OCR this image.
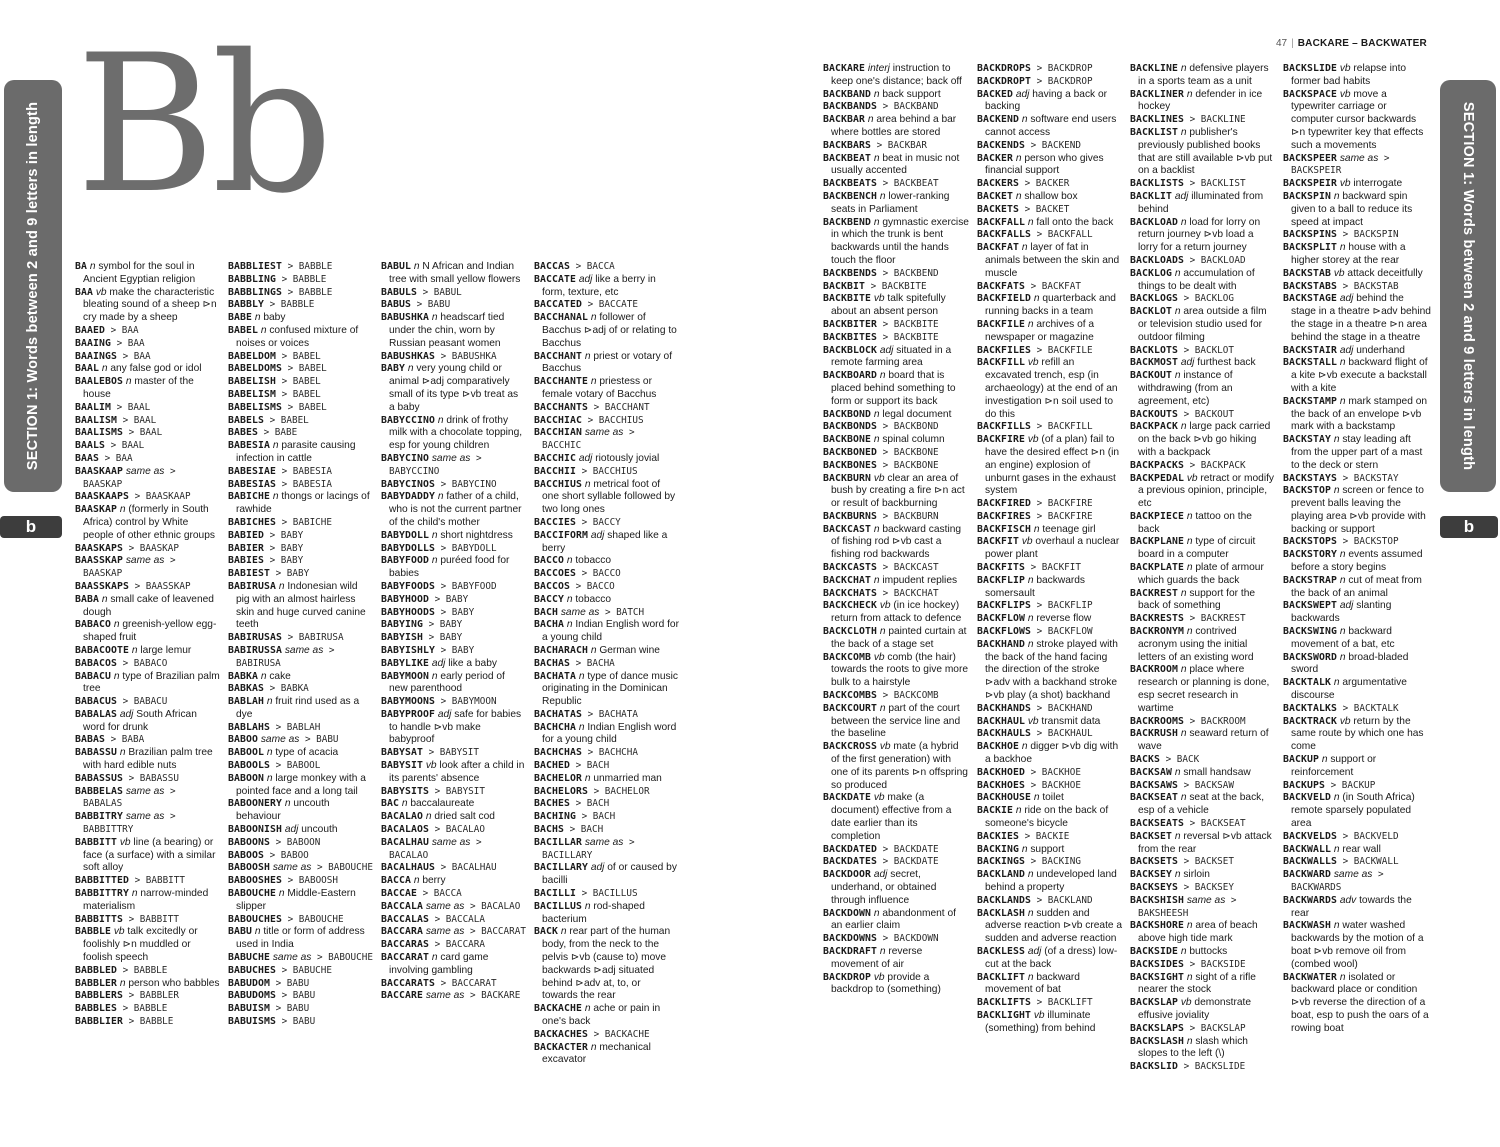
SECTION 1: Words between 2 and 9 letters in length
b
SECTION 1: Words between 2 and 9 letters in length
b
Bb	47 | BACKARE – BACKWATER

BA n symbol for the soul in Ancient Egyptian religion

BAA vb make the characteristic bleating sound of a sheep ⊳n cry made by a sheep

BAAED > BAA

BAAING > BAA

BAAINGS > BAA

BAAL n any false god or idol

BAALEBOS n master of the house

BAALIM > BAAL

BAALISM > BAAL

BAALISMS > BAAL

BAALS > BAAL

BAAS > BAA

BAASKAAP same as > BAASKAP

BAASKAAPS > BAASKAAP

BAASKAP n (formerly in South Africa) control by White people of other ethnic groups

BAASKAPS > BAASKAP

BAASSKAP same as > BAASKAP

BAASSKAPS > BAASSKAP

BABA n small cake of leavened dough

BABACO n greenish-yellow egg-shaped fruit

BABACOOTE n large lemur

BABACOS > BABACO

BABACU n type of Brazilian palm tree

BABACUS > BABACU

BABALAS adj South African word for drunk

BABAS > BABA

BABASSU n Brazilian palm tree with hard edible nuts

BABASSUS > BABASSU

BABBELAS same as > BABALAS

BABBITRY same as > BABBITTRY

BABBITT vb line (a bearing) or face (a surface) with a similar soft alloy

BABBITTED > BABBITT

BABBITTRY n narrow-minded materialism

BABBITTS > BABBITT

BABBLE vb talk excitedly or foolishly ⊳n muddled or foolish speech

BABBLED > BABBLE

BABBLER n person who babbles

BABBLERS > BABBLER

BABBLES > BABBLE

BABBLIER > BABBLE

BABBLIEST > BABBLE

BABBLING > BABBLE

BABBLINGS > BABBLE

BABBLY > BABBLE

BABE n baby

BABEL n confused mixture of noises or voices

BABELDOM > BABEL

BABELDOMS > BABEL

BABELISH > BABEL

BABELISM > BABEL

BABELISMS > BABEL

BABELS > BABEL

BABES > BABE

BABESIA n parasite causing infection in cattle

BABESIAE > BABESIA

BABESIAS > BABESIA

BABICHE n thongs or lacings of rawhide

BABICHES > BABICHE

BABIED > BABY

BABIER > BABY

BABIES > BABY

BABIEST > BABY

BABIRUSA n Indonesian wild pig with an almost hairless skin and huge curved canine teeth

BABIRUSAS > BABIRUSA

BABIRUSSA same as > BABIRUSA

BABKA n cake

BABKAS > BABKA

BABLAH n fruit rind used as a dye

BABLAHS > BABLAH

BABOO same as > BABU

BABOOL n type of acacia

BABOOLS > BABOOL

BABOON n large monkey with a pointed face and a long tail

BABOONERY n uncouth behaviour

BABOONISH adj uncouth

BABOONS > BABOON

BABOOS > BABOO

BABOOSH same as > BABOUCHE

BABOOSHES > BABOOSH

BABOUCHE n Middle-Eastern slipper

BABOUCHES > BABOUCHE

BABU n title or form of address used in India

BABUCHE same as > BABOUCHE

BABUCHES > BABUCHE

BABUDOM > BABU

BABUDOMS > BABU

BABUISM > BABU

BABUISMS > BABU

BABUL n N African and Indian tree with small yellow flowers

BABULS > BABUL

BABUS > BABU

BABUSHKA n headscarf tied under the chin, worn by Russian peasant women

BABUSHKAS > BABUSHKA

BABY n very young child or animal ⊳adj comparatively small of its type ⊳vb treat as a baby

BABYCCINO n drink of frothy milk with a chocolate topping, esp for young children

BABYCINO same as > BABYCCINO

BABYCINOS > BABYCINO

BABYDADDY n father of a child, who is not the current partner of the child's mother

BABYDOLL n short nightdress

BABYDOLLS > BABYDOLL

BABYFOOD n puréed food for babies

BABYFOODS > BABYFOOD

BABYHOOD > BABY

BABYHOODS > BABY

BABYING > BABY

BABYISH > BABY

BABYISHLY > BABY

BABYLIKE adj like a baby

BABYMOON n early period of new parenthood

BABYMOONS > BABYMOON

BABYPROOF adj safe for babies to handle ⊳vb make babyproof

BABYSAT > BABYSIT

BABYSIT vb look after a child in its parents' absence

BABYSITS > BABYSIT

BAC n baccalaureate

BACALAO n dried salt cod

BACALAOS > BACALAO

BACALHAU same as > BACALAO

BACALHAUS > BACALHAU

BACCA n berry

BACCAE > BACCA

BACCALA same as > BACALAO

BACCALAS > BACCALA

BACCARA same as > BACCARAT

BACCARAS > BACCARA

BACCARAT n card game involving gambling

BACCARATS > BACCARAT

BACCARE same as > BACKARE

BACCAS > BACCA

BACCATE adj like a berry in form, texture, etc

BACCATED > BACCATE

BACCHANAL n follower of Bacchus ⊳adj of or relating to Bacchus

BACCHANT n priest or votary of Bacchus

BACCHANTE n priestess or female votary of Bacchus

BACCHANTS > BACCHANT

BACCHIAC > BACCHIUS

BACCHIAN same as > BACCHIC

BACCHIC adj riotously jovial

BACCHII > BACCHIUS

BACCHIUS n metrical foot of one short syllable followed by two long ones

BACCIES > BACCY

BACCIFORM adj shaped like a berry

BACCO n tobacco

BACCOES > BACCO

BACCOS > BACCO

BACCY n tobacco

BACH same as > BATCH

BACHA n Indian English word for a young child

BACHARACH n German wine

BACHAS > BACHA

BACHATA n type of dance music originating in the Dominican Republic

BACHATAS > BACHATA

BACHCHA n Indian English word for a young child

BACHCHAS > BACHCHA

BACHED > BACH

BACHELOR n unmarried man

BACHELORS > BACHELOR

BACHES > BACH

BACHING > BACH

BACHS > BACH

BACILLAR same as > BACILLARY

BACILLARY adj of or caused by bacilli

BACILLI > BACILLUS

BACILLUS n rod-shaped bacterium

BACK n rear part of the human body, from the neck to the pelvis ⊳vb (cause to) move backwards ⊳adj situated behind ⊳adv at, to, or towards the rear

BACKACHE n ache or pain in one's back

BACKACHES > BACKACHE

BACKACTER n mechanical excavator

BACKARE interj instruction to keep one's distance; back off

BACKBAND n back support

BACKBANDS > BACKBAND

BACKBAR n area behind a bar where bottles are stored

BACKBARS > BACKBAR

BACKBEAT n beat in music not usually accented

BACKBEATS > BACKBEAT

BACKBENCH n lower-ranking seats in Parliament

BACKBEND n gymnastic exercise in which the trunk is bent backwards until the hands touch the floor

BACKBENDS > BACKBEND

BACKBIT > BACKBITE

BACKBITE vb talk spitefully about an absent person

BACKBITER > BACKBITE

BACKBITES > BACKBITE

BACKBLOCK adj situated in a remote farming area

BACKBOARD n board that is placed behind something to form or support its back

BACKBOND n legal document

BACKBONDS > BACKBOND

BACKBONE n spinal column

BACKBONED > BACKBONE

BACKBONES > BACKBONE

BACKBURN vb clear an area of bush by creating a fire ⊳n act or result of backburning

BACKBURNS > BACKBURN

BACKCAST n backward casting of fishing rod ⊳vb cast a fishing rod backwards

BACKCASTS > BACKCAST

BACKCHAT n impudent replies

BACKCHATS > BACKCHAT

BACKCHECK vb (in ice hockey) return from attack to defence

BACKCLOTH n painted curtain at the back of a stage set

BACKCOMB vb comb (the hair) towards the roots to give more bulk to a hairstyle

BACKCOMBS > BACKCOMB

BACKCOURT n part of the court between the service line and the baseline

BACKCROSS vb mate (a hybrid of the first generation) with one of its parents ⊳n offspring so produced

BACKDATE vb make (a document) effective from a date earlier than its completion

BACKDATED > BACKDATE

BACKDATES > BACKDATE

BACKDOOR adj secret, underhand, or obtained through influence

BACKDOWN n abandonment of an earlier claim

BACKDOWNS > BACKDOWN

BACKDRAFT n reverse movement of air

BACKDROP vb provide a backdrop to (something)

BACKDROPS > BACKDROP

BACKDROPT > BACKDROP

BACKED adj having a back or backing

BACKEND n software end users cannot access

BACKENDS > BACKEND

BACKER n person who gives financial support

BACKERS > BACKER

BACKET n shallow box

BACKETS > BACKET

BACKFALL n fall onto the back

BACKFALLS > BACKFALL

BACKFAT n layer of fat in animals between the skin and muscle

BACKFATS > BACKFAT

BACKFIELD n quarterback and running backs in a team

BACKFILE n archives of a newspaper or magazine

BACKFILES > BACKFILE

BACKFILL vb refill an excavated trench, esp (in archaeology) at the end of an investigation ⊳n soil used to do this

BACKFILLS > BACKFILL

BACKFIRE vb (of a plan) fail to have the desired effect ⊳n (in an engine) explosion of unburnt gases in the exhaust system

BACKFIRED > BACKFIRE

BACKFIRES > BACKFIRE

BACKFISCH n teenage girl

BACKFIT vb overhaul a nuclear power plant

BACKFITS > BACKFIT

BACKFLIP n backwards somersault

BACKFLIPS > BACKFLIP

BACKFLOW n reverse flow

BACKFLOWS > BACKFLOW

BACKHAND n stroke played with the back of the hand facing the direction of the stroke ⊳adv with a backhand stroke ⊳vb play (a shot) backhand

BACKHANDS > BACKHAND

BACKHAUL vb transmit data

BACKHAULS > BACKHAUL

BACKHOE n digger ⊳vb dig with a backhoe

BACKHOED > BACKHOE

BACKHOES > BACKHOE

BACKHOUSE n toilet

BACKIE n ride on the back of someone's bicycle

BACKIES > BACKIE

BACKING n support

BACKINGS > BACKING

BACKLAND n undeveloped land behind a property

BACKLANDS > BACKLAND

BACKLASH n sudden and adverse reaction ⊳vb create a sudden and adverse reaction

BACKLESS adj (of a dress) low-cut at the back

BACKLIFT n backward movement of bat

BACKLIFTS > BACKLIFT

BACKLIGHT vb illuminate (something) from behind

BACKLINE n defensive players in a sports team as a unit

BACKLINER n defender in ice hockey

BACKLINES > BACKLINE

BACKLIST n publisher's previously published books that are still available ⊳vb put on a backlist

BACKLISTS > BACKLIST

BACKLIT adj illuminated from behind

BACKLOAD n load for lorry on return journey ⊳vb load a lorry for a return journey

BACKLOADS > BACKLOAD

BACKLOG n accumulation of things to be dealt with

BACKLOGS > BACKLOG

BACKLOT n area outside a film or television studio used for outdoor filming

BACKLOTS > BACKLOT

BACKMOST adj furthest back

BACKOUT n instance of withdrawing (from an agreement, etc)

BACKOUTS > BACKOUT

BACKPACK n large pack carried on the back ⊳vb go hiking with a backpack

BACKPACKS > BACKPACK

BACKPEDAL vb retract or modify a previous opinion, principle, etc

BACKPIECE n tattoo on the back

BACKPLANE n type of circuit board in a computer

BACKPLATE n plate of armour which guards the back

BACKREST n support for the back of something

BACKRESTS > BACKREST

BACKRONYM n contrived acronym using the initial letters of an existing word

BACKROOM n place where research or planning is done, esp secret research in wartime

BACKROOMS > BACKROOM

BACKRUSH n seaward return of wave

BACKS > BACK

BACKSAW n small handsaw

BACKSAWS > BACKSAW

BACKSEAT n seat at the back, esp of a vehicle

BACKSEATS > BACKSEAT

BACKSET n reversal ⊳vb attack from the rear

BACKSETS > BACKSET

BACKSEY n sirloin

BACKSEYS > BACKSEY

BACKSHISH same as > BAKSHEESH

BACKSHORE n area of beach above high tide mark

BACKSIDE n buttocks

BACKSIDES > BACKSIDE

BACKSIGHT n sight of a rifle nearer the stock

BACKSLAP vb demonstrate effusive joviality

BACKSLAPS > BACKSLAP

BACKSLASH n slash which slopes to the left (\)

BACKSLID > BACKSLIDE

BACKSLIDE vb relapse into former bad habits

BACKSPACE vb move a typewriter carriage or computer cursor backwards ⊳n typewriter key that effects such a movements

BACKSPEER same as > BACKSPEIR

BACKSPEIR vb interrogate

BACKSPIN n backward spin given to a ball to reduce its speed at impact

BACKSPINS > BACKSPIN

BACKSPLIT n house with a higher storey at the rear

BACKSTAB vb attack deceitfully

BACKSTABS > BACKSTAB

BACKSTAGE adj behind the stage in a theatre ⊳adv behind the stage in a theatre ⊳n area behind the stage in a theatre

BACKSTAIR adj underhand

BACKSTALL n backward flight of a kite ⊳vb execute a backstall with a kite

BACKSTAMP n mark stamped on the back of an envelope ⊳vb mark with a backstamp

BACKSTAY n stay leading aft from the upper part of a mast to the deck or stern

BACKSTAYS > BACKSTAY

BACKSTOP n screen or fence to prevent balls leaving the playing area ⊳vb provide with backing or support

BACKSTOPS > BACKSTOP

BACKSTORY n events assumed before a story begins

BACKSTRAP n cut of meat from the back of an animal

BACKSWEPT adj slanting backwards

BACKSWING n backward movement of a bat, etc

BACKSWORD n broad-bladed sword

BACKTALK n argumentative discourse

BACKTALKS > BACKTALK

BACKTRACK vb return by the same route by which one has come

BACKUP n support or reinforcement

BACKUPS > BACKUP

BACKVELD n (in South Africa) remote sparsely populated area

BACKVELDS > BACKVELD

BACKWALL n rear wall

BACKWALLS > BACKWALL

BACKWARD same as > BACKWARDS

BACKWARDS adv towards the rear

BACKWASH n water washed backwards by the motion of a boat ⊳vb remove oil from (combed wool)

BACKWATER n isolated or backward place or condition ⊳vb reverse the direction of a boat, esp to push the oars of a rowing boat
